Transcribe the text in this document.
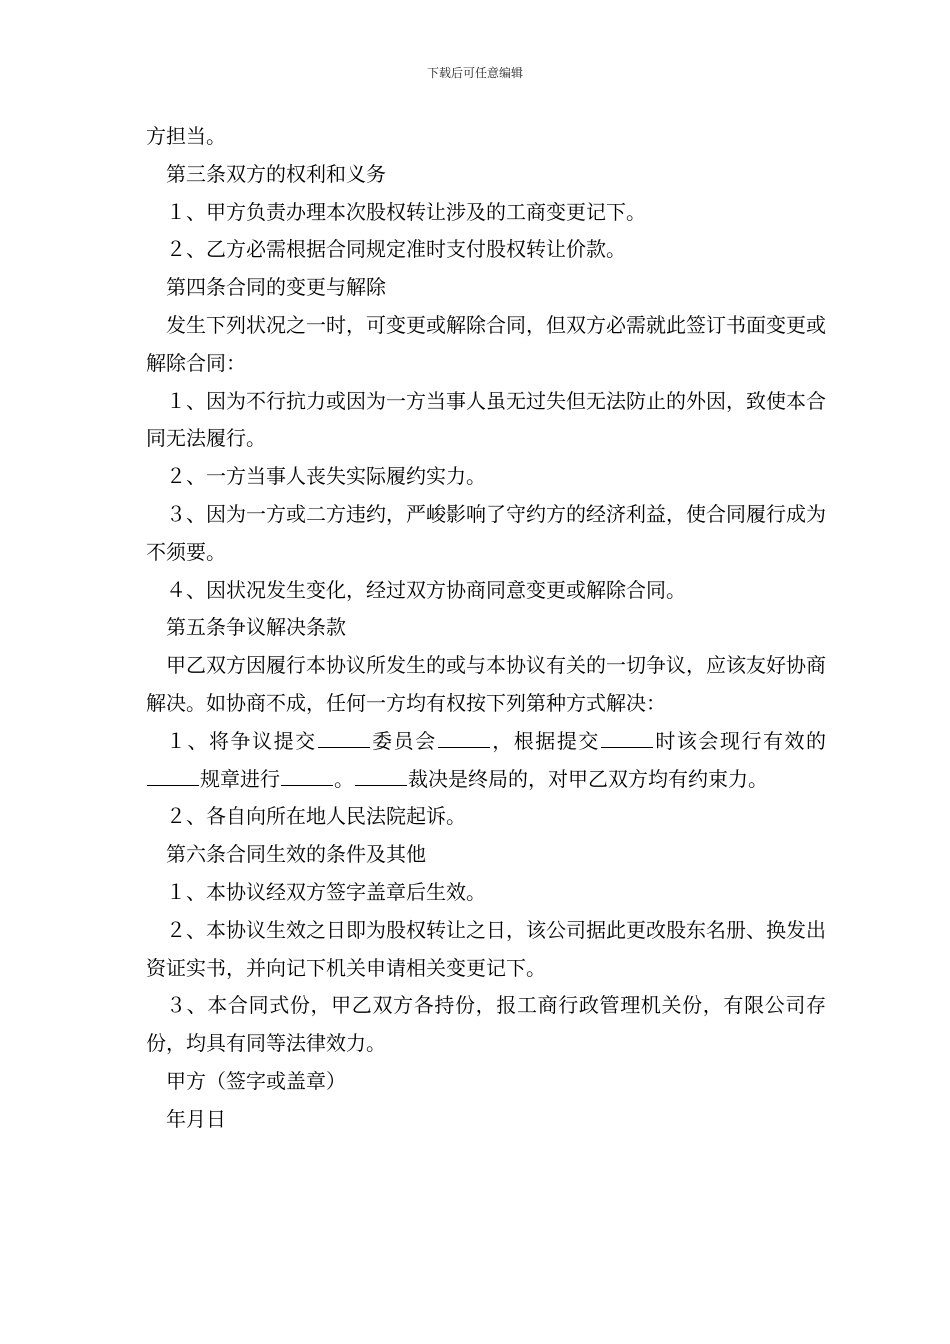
下载后可任意编辑

方担当。

第三条双方的权利和义务

１、甲方负责办理本次股权转让涉及的工商变更记下。

２、乙方必需根据合同规定准时支付股权转让价款。

第四条合同的变更与解除

发生下列状况之一时，可变更或解除合同，但双方必需就此签订书面变更或解除合同：

１、因为不行抗力或因为一方当事人虽无过失但无法防止的外因，致使本合同无法履行。

２、一方当事人丧失实际履约实力。

３、因为一方或二方违约，严峻影响了守约方的经济利益，使合同履行成为不须要。

４、因状况发生变化，经过双方协商同意变更或解除合同。

第五条争议解决条款

甲乙双方因履行本协议所发生的或与本协议有关的一切争议，应该友好协商解决。如协商不成，任何一方均有权按下列第种方式解决：

１、将争议提交	委员会	，根据提交	时该会现行有效的规章进行	。	裁决是终局的，对甲乙双方均有约束力。

２、各自向所在地人民法院起诉。

第六条合同生效的条件及其他

１、本协议经双方签字盖章后生效。

２、本协议生效之日即为股权转让之日，该公司据此更改股东名册、换发出资证实书，并向记下机关申请相关变更记下。

３、本合同式份，甲乙双方各持份，报工商行政管理机关份，有限公司存份，均具有同等法律效力。

甲方（签字或盖章）

年月日
